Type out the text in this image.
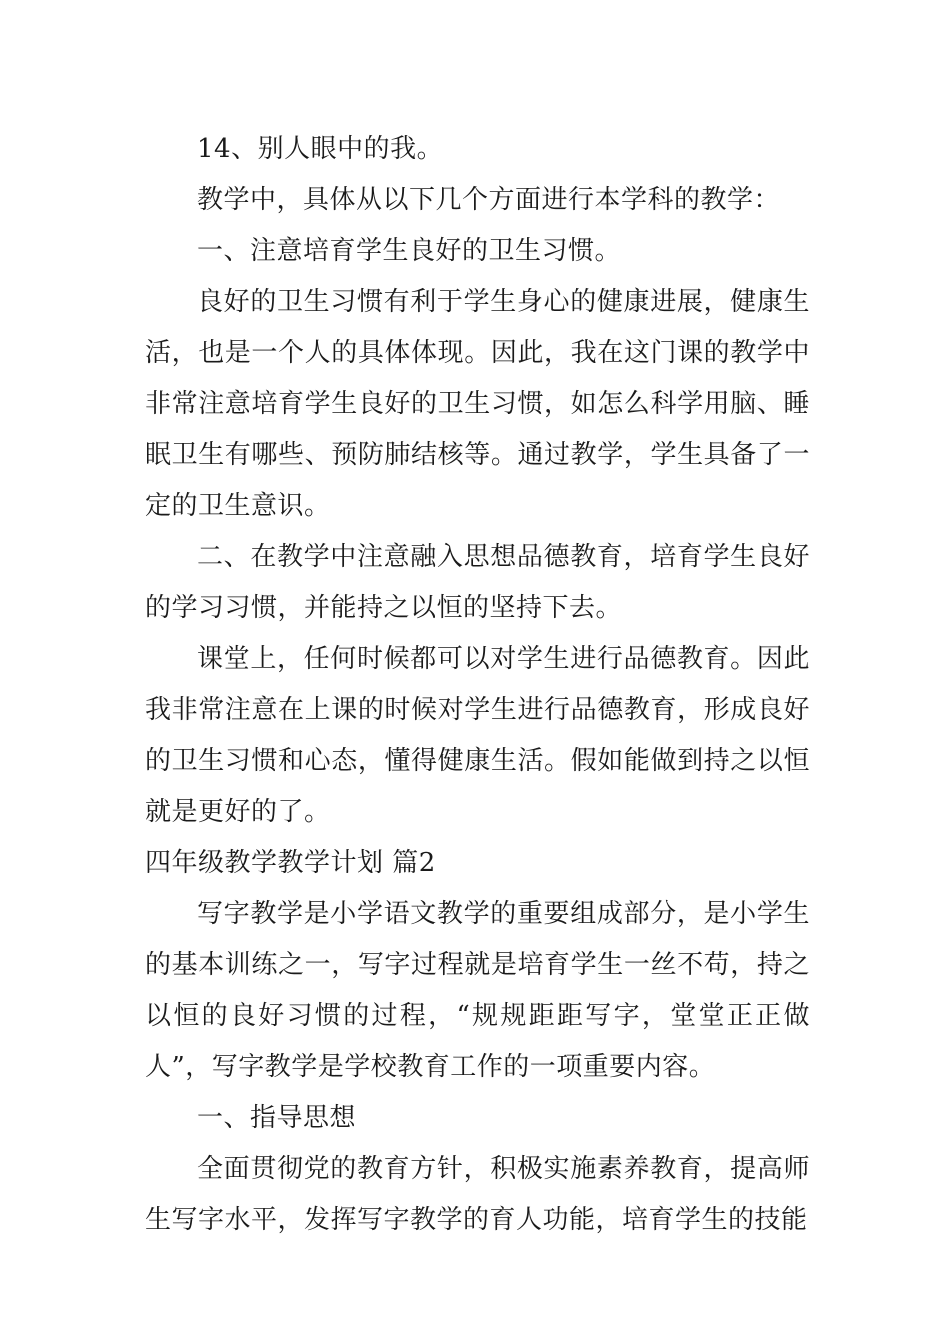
14、别人眼中的我。

教学中，具体从以下几个方面进行本学科的教学：

一、注意培育学生良好的卫生习惯。

良好的卫生习惯有利于学生身心的健康进展，健康生活，也是一个人的具体体现。因此，我在这门课的教学中非常注意培育学生良好的卫生习惯，如怎么科学用脑、睡眠卫生有哪些、预防肺结核等。通过教学，学生具备了一定的卫生意识。

二、在教学中注意融入思想品德教育，培育学生良好的学习习惯，并能持之以恒的坚持下去。

课堂上，任何时候都可以对学生进行品德教育。因此我非常注意在上课的时候对学生进行品德教育，形成良好的卫生习惯和心态，懂得健康生活。假如能做到持之以恒就是更好的了。

四年级教学教学计划 篇2

写字教学是小学语文教学的重要组成部分，是小学生的基本训练之一，写字过程就是培育学生一丝不苟，持之以恒的良好习惯的过程，“规规距距写字，堂堂正正做人”，写字教学是学校教育工作的一项重要内容。

一、指导思想

全面贯彻党的教育方针，积极实施素养教育，提高师生写字水平，发挥写字教学的育人功能，培育学生的技能
